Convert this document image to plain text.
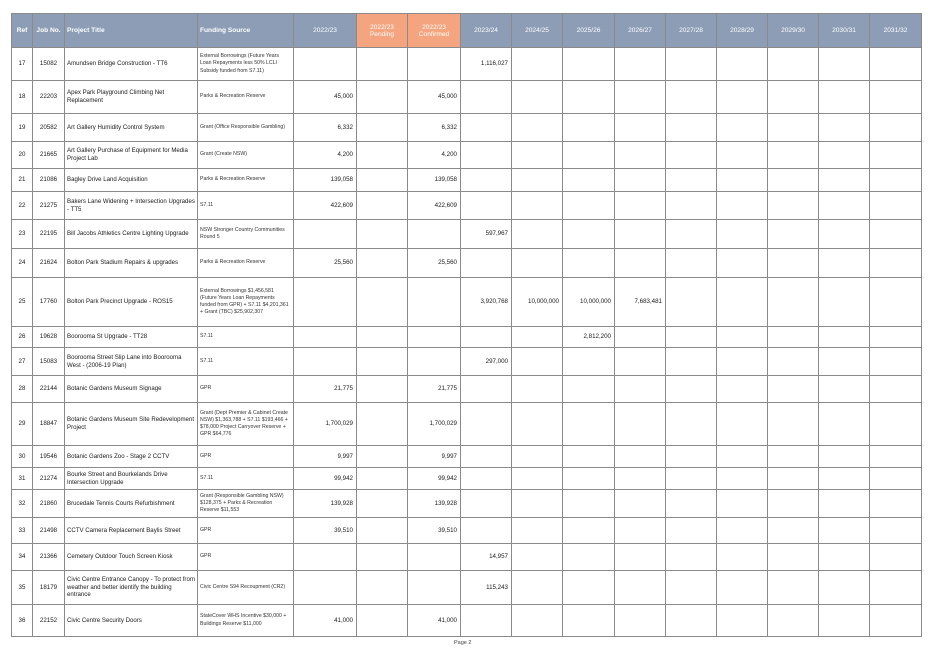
Ref	Job No.	Project Title	Funding Source	2022/23	2022/23 Pending	2022/23 Confirmed	2023/24	2024/25	2025/26	2026/27	2027/28	2028/29	2029/30	2030/31	2031/32
17	15082	Amundsen Bridge Construction - TT6	External Borrowings (Future Years Loan Repayments less 50% LCLI Subsidy funded from S7.11)				1,116,027								
18	22203	Apex Park Playground Climbing Net Replacement	Parks & Recreation Reserve	45,000		45,000									
19	20582	Art Gallery Humidity Control System	Grant (Office Responsible Gambling)	6,332		6,332									
20	21665	Art Gallery Purchase of Equipment for Media Project Lab	Grant (Create NSW)	4,200		4,200									
21	21086	Bagley Drive Land Acquisition	Parks & Recreation Reserve	139,058		139,058									
22	21275	Bakers Lane Widening + Intersection Upgrades - TT5	S7.11	422,609		422,609									
23	22195	Bill Jacobs Athletics Centre Lighting Upgrade	NSW Stronger Country Communities Round 5				597,967								
24	21624	Bolton Park Stadium Repairs & upgrades	Parks & Recreation Reserve	25,560		25,560									
25	17760	Bolton Park Precinct Upgrade - ROS15	External Borrowings $1,456,581 (Future Years Loan Repayments funded from GPR) + S7.11 $4,201,361 + Grant (TBC) $25,902,307				3,920,768	10,000,000	10,000,000	7,683,481					
26	19628	Boorooma St Upgrade - TT28	S7.11						2,812,200						
27	15083	Boorooma Street Slip Lane into Boorooma West - (2006-19 Plan)	S7.11				297,000								
28	22144	Botanic Gardens Museum Signage	GPR	21,775		21,775									
29	18847	Botanic Gardens Museum Site Redevelopment Project	Grant (Dept Premier & Cabinet Create NSW) $1,363,788 + S7.11 $193,466 + $78,000 Project Carryover Reserve + GPR $64,776	1,700,029		1,700,029									
30	19546	Botanic Gardens Zoo - Stage 2 CCTV	GPR	9,997		9,997									
31	21274	Bourke Street and Bourkelands Drive Intersection Upgrade	S7.11	99,942		99,942									
32	21860	Brucedale Tennis Courts Refurbishment	Grant (Responsible Gambling NSW) $128,375 + Parks & Recreation Reserve $11,553	139,928		139,928									
33	21498	CCTV Camera Replacement Baylis Street	GPR	39,510		39,510									
34	21366	Cemetery Outdoor Touch Screen Kiosk	GPR				14,957								
35	18179	Civic Centre Entrance Canopy - To protect from weather and better identify the building entrance	Civic Centre S94 Recoupment (CR2)				115,243								
36	22152	Civic Centre Security Doors	StateCover WHS Incentive $30,000 + Buildings Reserve $11,000	41,000		41,000									
Page 2
